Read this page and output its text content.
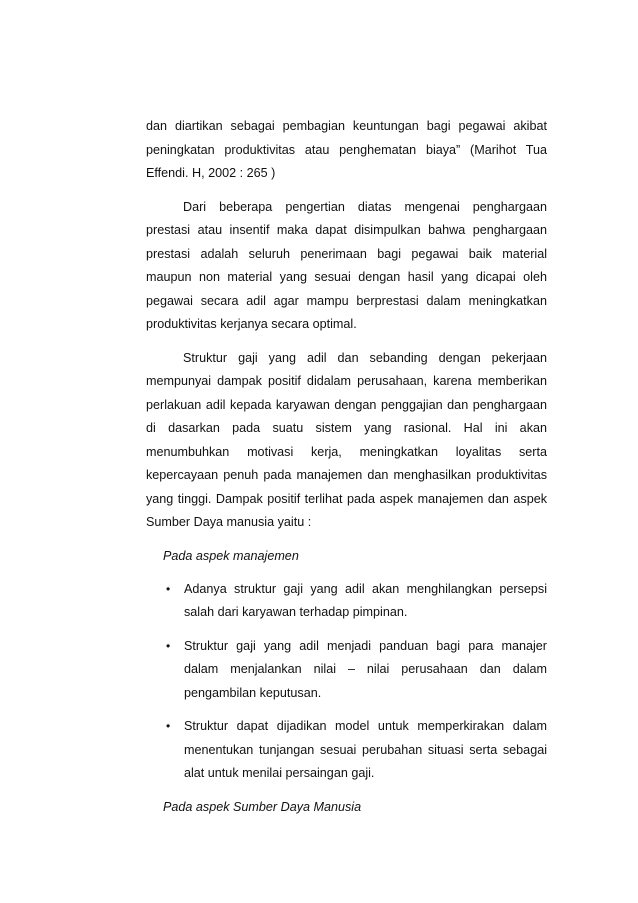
dan diartikan sebagai pembagian keuntungan bagi pegawai akibat peningkatan produktivitas atau penghematan biaya” (Marihot Tua Effendi. H, 2002 : 265 )

Dari beberapa pengertian diatas mengenai penghargaan prestasi atau insentif maka dapat disimpulkan bahwa penghargaan prestasi adalah seluruh penerimaan bagi pegawai baik material maupun non material yang sesuai dengan hasil yang dicapai oleh pegawai secara adil agar mampu berprestasi dalam meningkatkan produktivitas kerjanya secara optimal.

Struktur gaji yang adil dan sebanding dengan pekerjaan mempunyai dampak positif didalam perusahaan, karena memberikan perlakuan adil kepada karyawan dengan penggajian dan penghargaan di dasarkan pada suatu sistem yang rasional. Hal ini akan menumbuhkan motivasi kerja, meningkatkan loyalitas serta kepercayaan penuh pada manajemen dan menghasilkan produktivitas yang tinggi. Dampak positif terlihat pada aspek manajemen dan aspek Sumber Daya manusia yaitu :

Pada aspek manajemen

• Adanya struktur gaji yang adil akan menghilangkan persepsi salah dari karyawan terhadap pimpinan.
• Struktur gaji yang adil menjadi panduan bagi para manajer dalam menjalankan nilai – nilai perusahaan dan dalam pengambilan keputusan.
• Struktur dapat dijadikan model untuk memperkirakan dalam menentukan tunjangan sesuai perubahan situasi serta sebagai alat untuk menilai persaingan gaji.

Pada aspek Sumber Daya Manusia
